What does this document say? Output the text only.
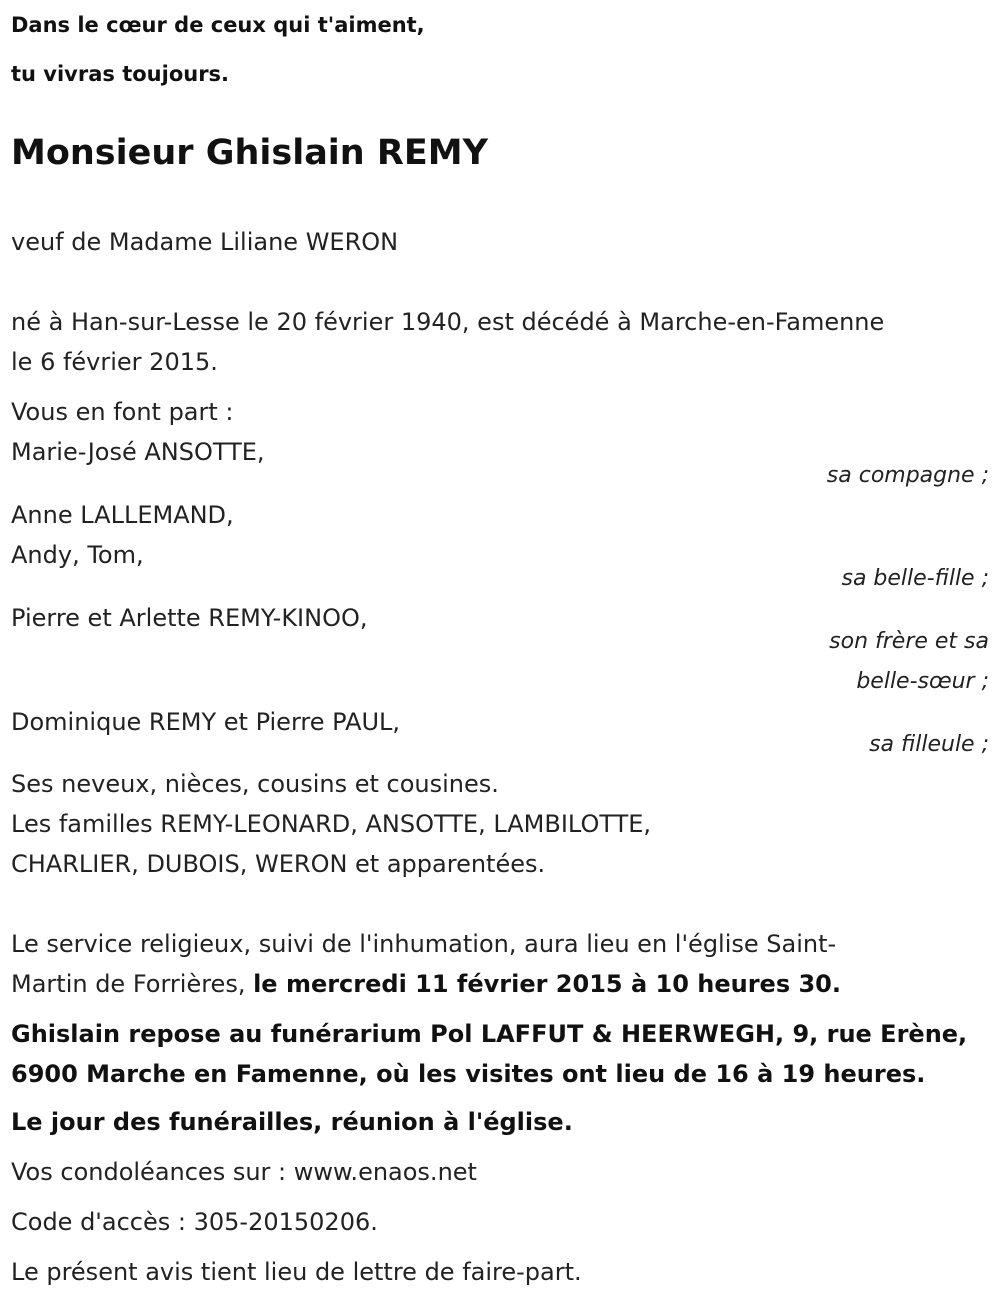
Dans le cœur de ceux qui t'aiment,
tu vivras toujours.
Monsieur Ghislain REMY
veuf de Madame Liliane WERON
né à Han-sur-Lesse le 20 février 1940, est décédé à Marche-en-Famenne
le 6 février 2015.
Vous en font part :
Marie-José ANSOTTE,
sa compagne ;
Anne LALLEMAND,
Andy, Tom,
sa belle-fille ;
Pierre et Arlette REMY-KINOO,
son frère et sa
belle-sœur ;
Dominique REMY et Pierre PAUL,
sa filleule ;
Ses neveux, nièces, cousins et cousines.
Les familles REMY-LEONARD, ANSOTTE, LAMBILOTTE,
CHARLIER, DUBOIS, WERON et apparentées.
Le service religieux, suivi de l'inhumation, aura lieu en l'église Saint-
Martin de Forrières, le mercredi 11 février 2015 à 10 heures 30.
Ghislain repose au funérarium Pol LAFFUT & HEERWEGH, 9, rue Erène,
6900 Marche en Famenne, où les visites ont lieu de 16 à 19 heures.
Le jour des funérailles, réunion à l'église.
Vos condoléances sur : www.enaos.net
Code d'accès : 305-20150206.
Le présent avis tient lieu de lettre de faire-part.
